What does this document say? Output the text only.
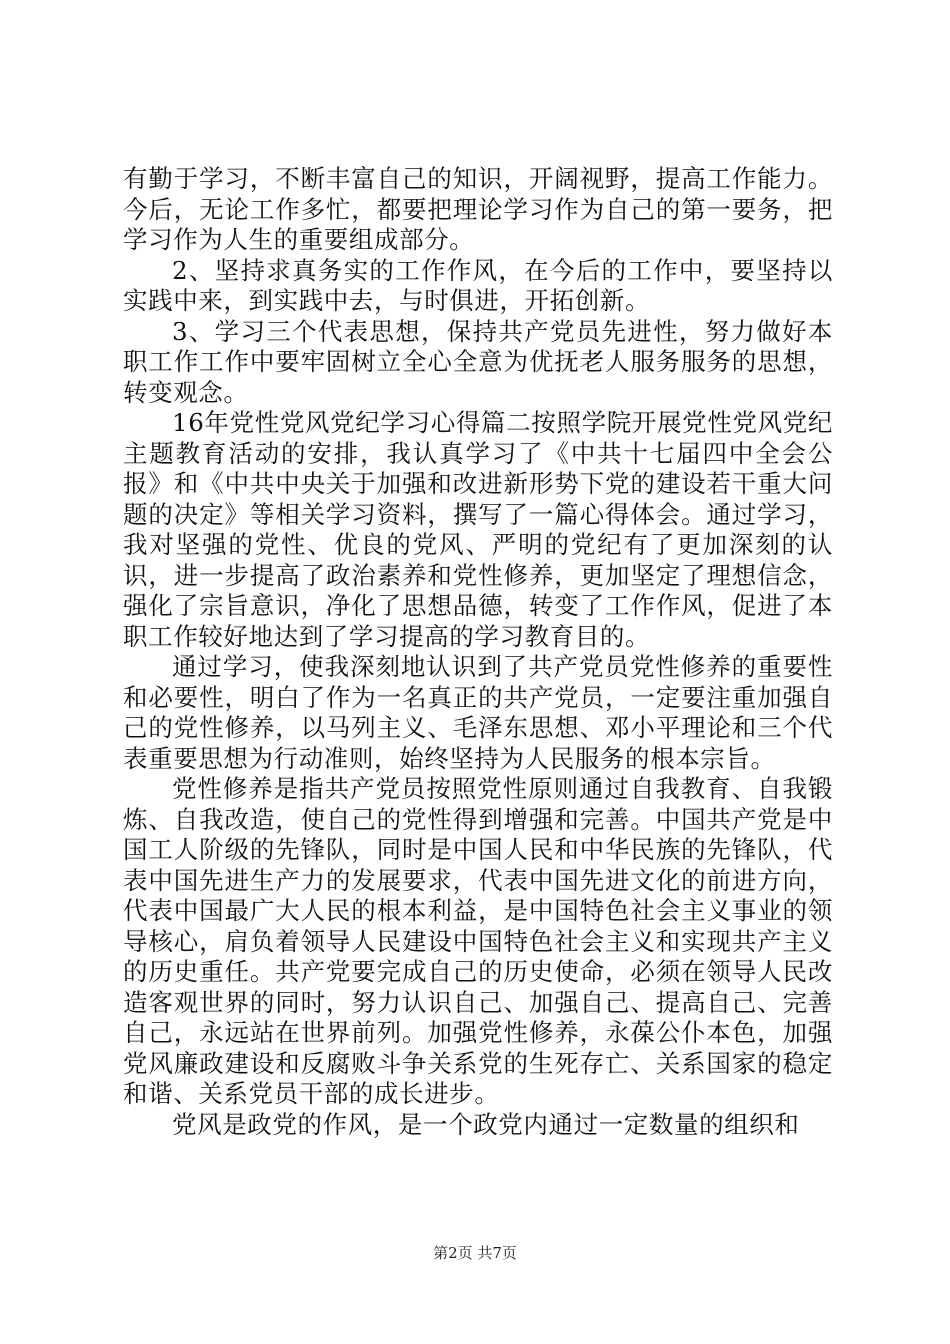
有勤于学习，不断丰富自己的知识，开阔视野，提高工作能力。今后，无论工作多忙，都要把理论学习作为自己的第一要务，把学习作为人生的重要组成部分。

2、坚持求真务实的工作作风，在今后的工作中，要坚持以实践中来，到实践中去，与时俱进，开拓创新。

3、学习三个代表思想，保持共产党员先进性，努力做好本职工作工作中要牢固树立全心全意为优抚老人服务服务的思想，转变观念。

16年党性党风党纪学习心得篇二按照学院开展党性党风党纪主题教育活动的安排，我认真学习了《中共十七届四中全会公报》和《中共中央关于加强和改进新形势下党的建设若干重大问题的决定》等相关学习资料，撰写了一篇心得体会。通过学习，我对坚强的党性、优良的党风、严明的党纪有了更加深刻的认识，进一步提高了政治素养和党性修养，更加坚定了理想信念，强化了宗旨意识，净化了思想品德，转变了工作作风，促进了本职工作较好地达到了学习提高的学习教育目的。

通过学习，使我深刻地认识到了共产党员党性修养的重要性和必要性，明白了作为一名真正的共产党员，一定要注重加强自己的党性修养，以马列主义、毛泽东思想、邓小平理论和三个代表重要思想为行动准则，始终坚持为人民服务的根本宗旨。

党性修养是指共产党员按照党性原则通过自我教育、自我锻炼、自我改造，使自己的党性得到增强和完善。中国共产党是中国工人阶级的先锋队，同时是中国人民和中华民族的先锋队，代表中国先进生产力的发展要求，代表中国先进文化的前进方向，代表中国最广大人民的根本利益，是中国特色社会主义事业的领导核心，肩负着领导人民建设中国特色社会主义和实现共产主义的历史重任。共产党要完成自己的历史使命，必须在领导人民改造客观世界的同时，努力认识自己、加强自己、提高自己、完善自己，永远站在世界前列。加强党性修养，永葆公仆本色，加强党风廉政建设和反腐败斗争关系党的生死存亡、关系国家的稳定和谐、关系党员干部的成长进步。

党风是政党的作风，是一个政党内通过一定数量的组织和

第2页 共7页
